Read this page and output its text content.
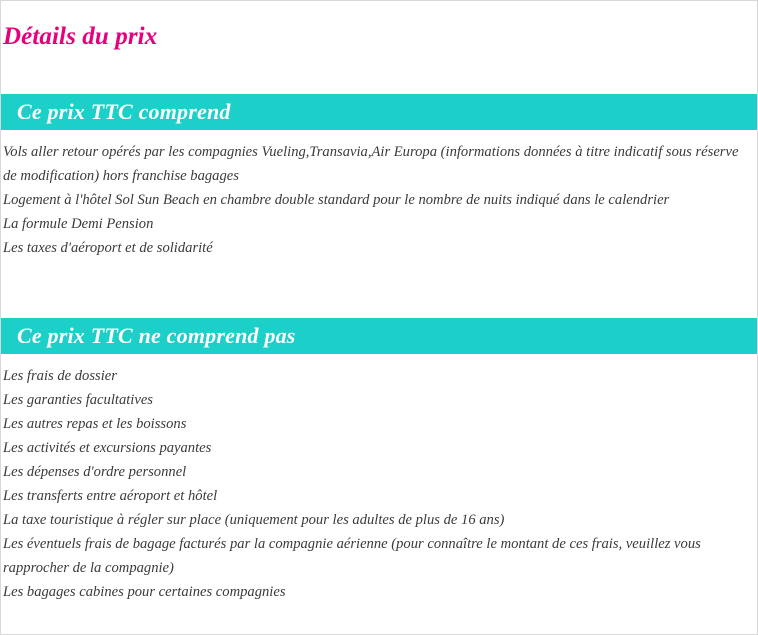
Détails du prix
Ce prix TTC comprend

Vols aller retour opérés par les compagnies Vueling,Transavia,Air Europa (informations données à titre indicatif sous réserve de modification) hors franchise bagages

Logement à l'hôtel Sol Sun Beach en chambre double standard pour le nombre de nuits indiqué dans le calendrier

La formule Demi Pension

Les taxes d'aéroport et de solidarité

Ce prix TTC ne comprend pas

Les frais de dossier

Les garanties facultatives

Les autres repas et les boissons

Les activités et excursions payantes

Les dépenses d'ordre personnel

Les transferts entre aéroport et hôtel

La taxe touristique à régler sur place (uniquement pour les adultes de plus de 16 ans)

Les éventuels frais de bagage facturés par la compagnie aérienne (pour connaître le montant de ces frais, veuillez vous rapprocher de la compagnie)

Les bagages cabines pour certaines compagnies
